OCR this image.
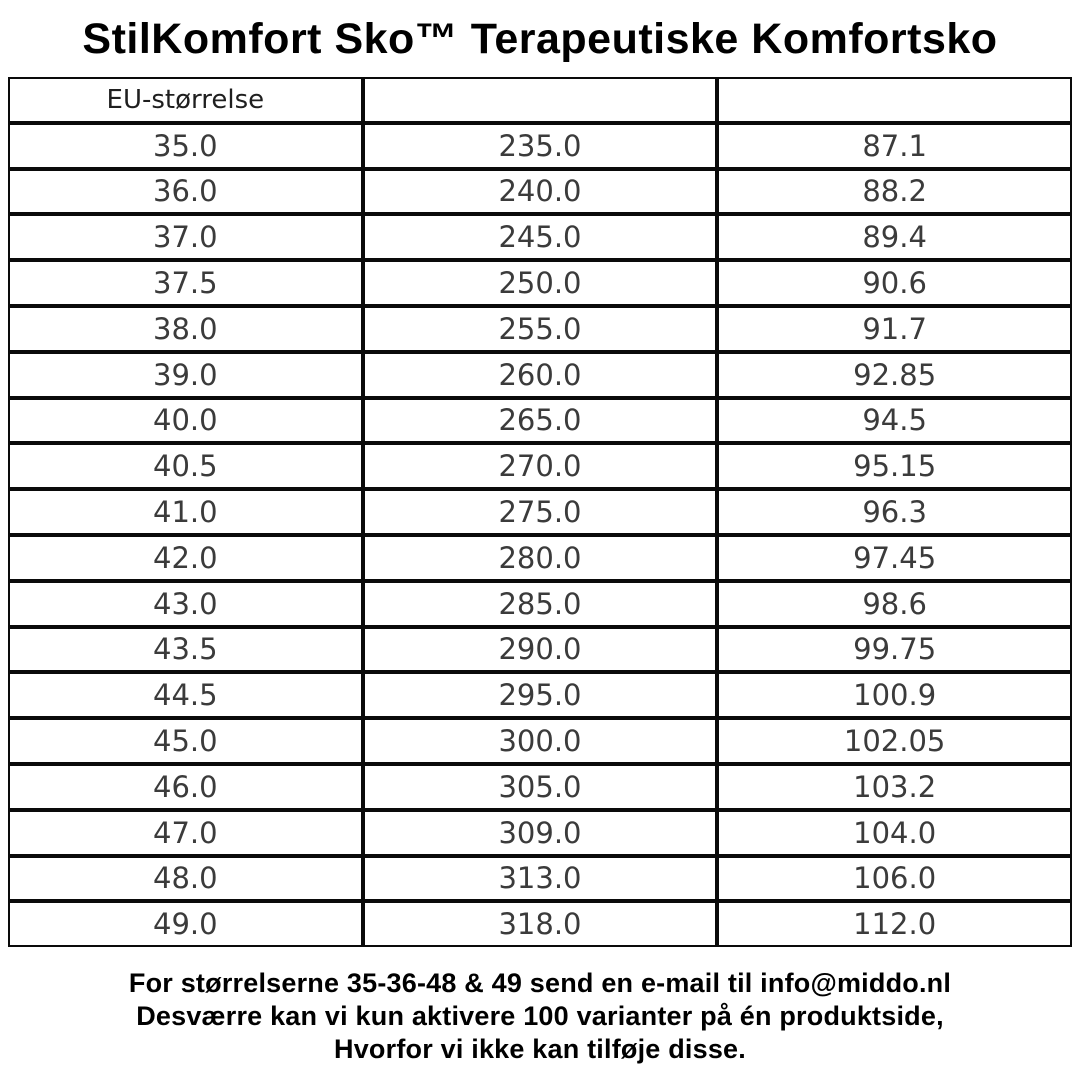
StilKomfort Sko™ Terapeutiske Komfortsko
EU-størrelse		
35.0	235.0	87.1
36.0	240.0	88.2
37.0	245.0	89.4
37.5	250.0	90.6
38.0	255.0	91.7
39.0	260.0	92.85
40.0	265.0	94.5
40.5	270.0	95.15
41.0	275.0	96.3
42.0	280.0	97.45
43.0	285.0	98.6
43.5	290.0	99.75
44.5	295.0	100.9
45.0	300.0	102.05
46.0	305.0	103.2
47.0	309.0	104.0
48.0	313.0	106.0
49.0	318.0	112.0

For størrelserne 35-36-48 & 49 send en e-mail til info@middo.nl

Desværre kan vi kun aktivere 100 varianter på én produktside,

Hvorfor vi ikke kan tilføje disse.
